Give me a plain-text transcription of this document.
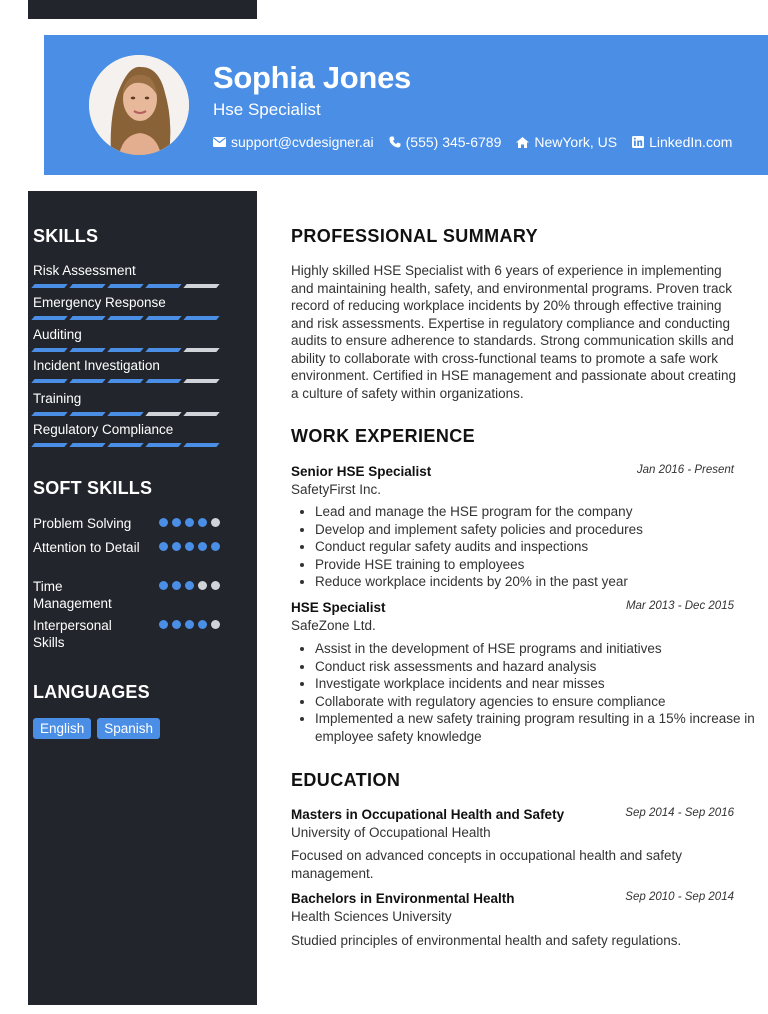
Sophia Jones
Hse Specialist
support@cvdesigner.ai (555) 345-6789 NewYork, US LinkedIn.com
SKILLS
Risk Assessment
Emergency Response
Auditing
Incident Investigation
Training
Regulatory Compliance
SOFT SKILLS
Problem Solving
Attention to Detail
Time Management
Interpersonal Skills
LANGUAGES
English	Spanish
PROFESSIONAL SUMMARY

Highly skilled HSE Specialist with 6 years of experience in implementing and maintaining health, safety, and environmental programs. Proven track record of reducing workplace incidents by 20% through effective training and risk assessments. Expertise in regulatory compliance and conducting audits to ensure adherence to standards. Strong communication skills and ability to collaborate with cross-functional teams to promote a safe work environment. Certified in HSE management and passionate about creating a culture of safety within organizations.

WORK EXPERIENCE
Senior HSE Specialist	Jan 2016 - Present
SafetyFirst Inc.
• Lead and manage the HSE program for the company
• Develop and implement safety policies and procedures
• Conduct regular safety audits and inspections
• Provide HSE training to employees
• Reduce workplace incidents by 20% in the past year
HSE Specialist	Mar 2013 - Dec 2015
SafeZone Ltd.
• Assist in the development of HSE programs and initiatives
• Conduct risk assessments and hazard analysis
• Investigate workplace incidents and near misses
• Collaborate with regulatory agencies to ensure compliance
• Implemented a new safety training program resulting in a 15% increase in employee safety knowledge
EDUCATION
Masters in Occupational Health and Safety	Sep 2014 - Sep 2016
University of Occupational Health

Focused on advanced concepts in occupational health and safety management.

Bachelors in Environmental Health	Sep 2010 - Sep 2014
Health Sciences University

Studied principles of environmental health and safety regulations.
